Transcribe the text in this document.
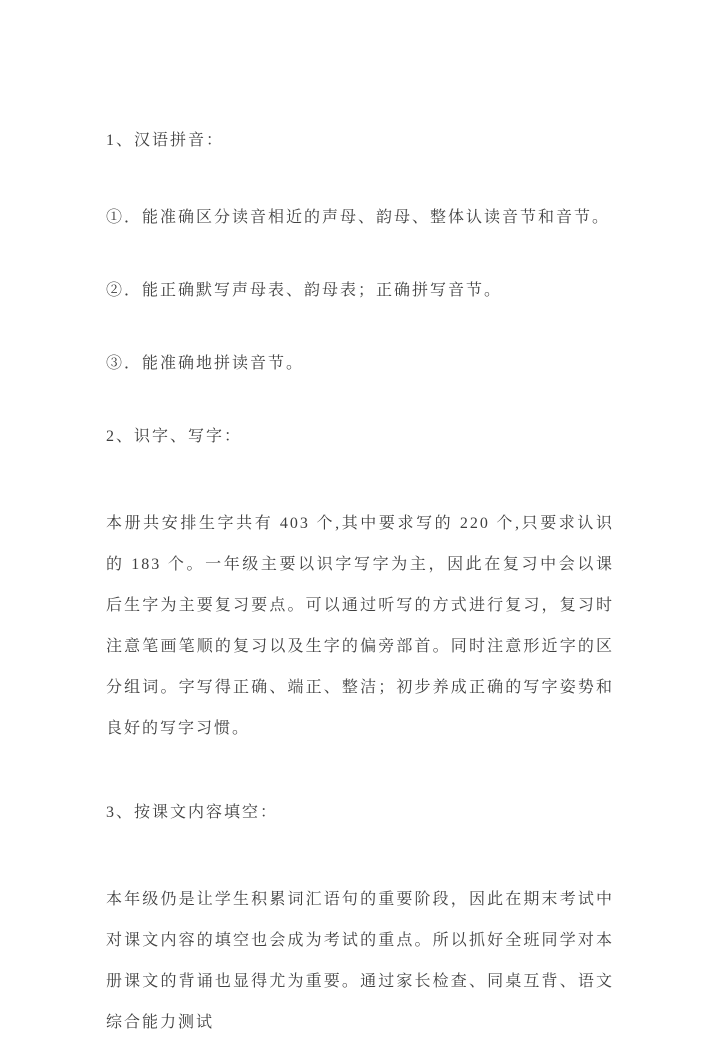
1、汉语拼音：
①．能准确区分读音相近的声母、韵母、整体认读音节和音节。
②．能正确默写声母表、韵母表；正确拼写音节。
③．能准确地拼读音节。
2、识字、写字：
本册共安排生字共有 403 个,其中要求写的 220 个,只要求认识的 183 个。一年级主要以识字写字为主，因此在复习中会以课后生字为主要复习要点。可以通过听写的方式进行复习，复习时注意笔画笔顺的复习以及生字的偏旁部首。同时注意形近字的区分组词。字写得正确、端正、整洁；初步养成正确的写字姿势和良好的写字习惯。
3、按课文内容填空：
本年级仍是让学生积累词汇语句的重要阶段，因此在期末考试中对课文内容的填空也会成为考试的重点。所以抓好全班同学对本册课文的背诵也显得尤为重要。通过家长检查、同桌互背、语文综合能力测试
